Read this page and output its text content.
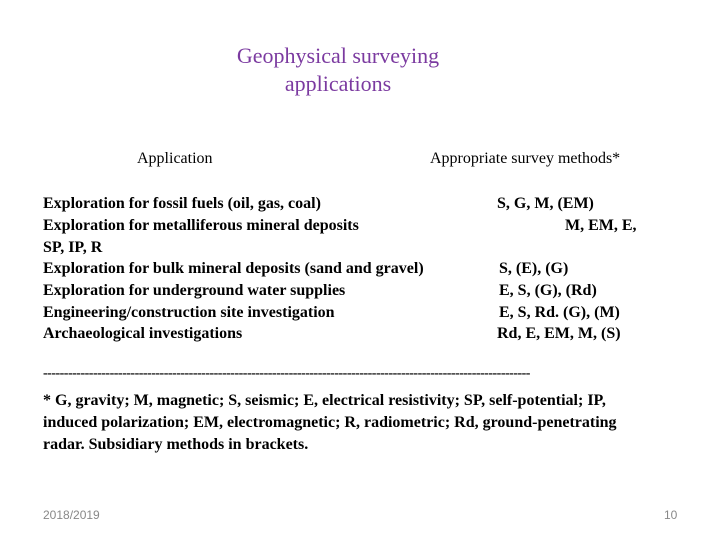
Geophysical surveying
applications
Application	Appropriate survey methods*
Exploration for fossil fuels (oil, gas, coal)	S, G, M, (EM)
Exploration for metalliferous mineral deposits	M, EM, E,
SP, IP, R
Exploration for bulk mineral deposits (sand and gravel)	S, (E), (G)
Exploration for underground water supplies	E, S, (G), (Rd)
Engineering/construction site investigation	E, S, Rd. (G), (M)
Archaeological investigations	Rd, E, EM, M, (S)
---------------------------------------------------------------------------------------------------------------------
* G, gravity; M, magnetic; S, seismic; E, electrical resistivity; SP, self-potential; IP, induced polarization; EM, electromagnetic; R, radiometric; Rd, ground-penetrating radar. Subsidiary methods in brackets.
2018/2019	10
